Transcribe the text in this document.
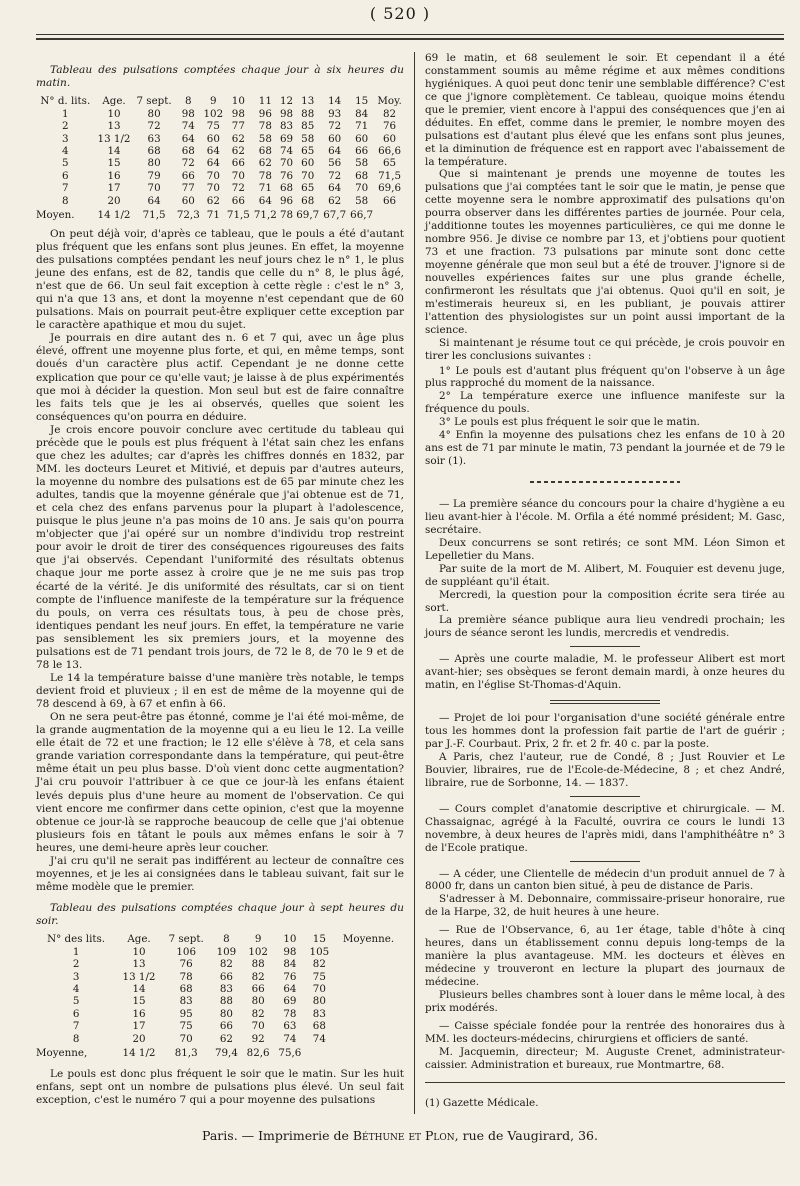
( 520 )

Tableau des pulsations comptées chaque jour à six heures du matin.

N° d. lits.	Age.	7 sept.	8	9	10	11	12	13	14	15	Moy.
1	10	80	98	102	98	96	98	88	93	84	82
2	13	72	74	75	77	78	83	85	72	71	76
3	13 1/2	63	64	60	62	58	69	58	60	60	60
4	14	68	68	64	62	68	74	65	64	66	66,6
5	15	80	72	64	66	62	70	60	56	58	65
6	16	79	66	70	70	78	76	70	72	68	71,5
7	17	70	77	70	72	71	68	65	64	70	69,6
8	20	64	60	62	66	64	96	68	62	58	66
Moyen.	14 1/2	71,5	72,3	71	71,5	71,2	78	69,7	67,7	66,7	

On peut déjà voir, d'après ce tableau, que le pouls a été d'autant plus fréquent que les enfans sont plus jeunes. En effet, la moyenne des pulsations comptées pendant les neuf jours chez le n° 1, le plus jeune des enfans, est de 82, tandis que celle du n° 8, le plus âgé, n'est que de 66. Un seul fait exception à cette règle : c'est le n° 3, qui n'a que 13 ans, et dont la moyenne n'est cependant que de 60 pulsations. Mais on pourrait peut-être expliquer cette exception par le caractère apathique et mou du sujet.

Je pourrais en dire autant des n. 6 et 7 qui, avec un âge plus élevé, offrent une moyenne plus forte, et qui, en même temps, sont doués d'un caractère plus actif. Cependant je ne donne cette explication que pour ce qu'elle vaut; je laisse à de plus expérimentés que moi à décider la question. Mon seul but est de faire connaître les faits tels que je les ai observés, quelles que soient les conséquences qu'on pourra en déduire.

Je crois encore pouvoir conclure avec certitude du tableau qui précède que le pouls est plus fréquent à l'état sain chez les enfans que chez les adultes; car d'après les chiffres donnés en 1832, par MM. les docteurs Leuret et Mitivié, et depuis par d'autres auteurs, la moyenne du nombre des pulsations est de 65 par minute chez les adultes, tandis que la moyenne générale que j'ai obtenue est de 71, et cela chez des enfans parvenus pour la plupart à l'adolescence, puisque le plus jeune n'a pas moins de 10 ans. Je sais qu'on pourra m'objecter que j'ai opéré sur un nombre d'individu trop restreint pour avoir le droit de tirer des conséquences rigoureuses des faits que j'ai observés. Cependant l'uniformité des résultats obtenus chaque jour me porte assez à croire que je ne me suis pas trop écarté de la vérité. Je dis uniformité des résultats, car si on tient compte de l'influence manifeste de la température sur la fréquence du pouls, on verra ces résultats tous, à peu de chose près, identiques pendant les neuf jours. En effet, la température ne varie pas sensiblement les six premiers jours, et la moyenne des pulsations est de 71 pendant trois jours, de 72 le 8, de 70 le 9 et de 78 le 13.

Le 14 la température baisse d'une manière très notable, le temps devient froid et pluvieux ; il en est de même de la moyenne qui de 78 descend à 69, à 67 et enfin à 66.

On ne sera peut-être pas étonné, comme je l'ai été moi-même, de la grande augmentation de la moyenne qui a eu lieu le 12. La veille elle était de 72 et une fraction; le 12 elle s'élève à 78, et cela sans grande variation correspondante dans la température, qui peut-être même était un peu plus basse. D'où vient donc cette augmentation? J'ai cru pouvoir l'attribuer à ce que ce jour-là les enfans étaient levés depuis plus d'une heure au moment de l'observation. Ce qui vient encore me confirmer dans cette opinion, c'est que la moyenne obtenue ce jour-là se rapproche beaucoup de celle que j'ai obtenue plusieurs fois en tâtant le pouls aux mêmes enfans le soir à 7 heures, une demi-heure après leur coucher.

J'ai cru qu'il ne serait pas indifférent au lecteur de connaître ces moyennes, et je les ai consignées dans le tableau suivant, fait sur le même modèle que le premier.

Tableau des pulsations comptées chaque jour à sept heures du soir.

N° des lits.	Age.	7 sept.	8	9	10	15	Moyenne.
1	10	106	109	102	98	105	
2	13	76	82	88	84	82	
3	13 1/2	78	66	82	76	75	
4	14	68	83	66	64	70	
5	15	83	88	80	69	80	
6	16	95	80	82	78	83	
7	17	75	66	70	63	68	
8	20	70	62	92	74	74	
Moyenne,	14 1/2	81,3	79,4	82,6	75,6		

Le pouls est donc plus fréquent le soir que le matin. Sur les huit enfans, sept ont un nombre de pulsations plus élevé. Un seul fait exception, c'est le numéro 7 qui a pour moyenne des pulsations

69 le matin, et 68 seulement le soir. Et cependant il a été constamment soumis au même régime et aux mêmes conditions hygiéniques. A quoi peut donc tenir une semblable différence? C'est ce que j'ignore complètement. Ce tableau, quoique moins étendu que le premier, vient encore à l'appui des conséquences que j'en ai déduites. En effet, comme dans le premier, le nombre moyen des pulsations est d'autant plus élevé que les enfans sont plus jeunes, et la diminution de fréquence est en rapport avec l'abaissement de la température.

Que si maintenant je prends une moyenne de toutes les pulsations que j'ai comptées tant le soir que le matin, je pense que cette moyenne sera le nombre approximatif des pulsations qu'on pourra observer dans les différentes parties de journée. Pour cela, j'additionne toutes les moyennes particulières, ce qui me donne le nombre 956. Je divise ce nombre par 13, et j'obtiens pour quotient 73 et une fraction. 73 pulsations par minute sont donc cette moyenne générale que mon seul but a été de trouver. J'ignore si de nouvelles expériences faites sur une plus grande échelle, confirmeront les résultats que j'ai obtenus. Quoi qu'il en soit, je m'estimerais heureux si, en les publiant, je pouvais attirer l'attention des physiologistes sur un point aussi important de la science.

Si maintenant je résume tout ce qui précède, je crois pouvoir en tirer les conclusions suivantes :

1° Le pouls est d'autant plus fréquent qu'on l'observe à un âge plus rapproché du moment de la naissance.

2° La température exerce une influence manifeste sur la fréquence du pouls.

3° Le pouls est plus fréquent le soir que le matin.

4° Enfin la moyenne des pulsations chez les enfans de 10 à 20 ans est de 71 par minute le matin, 73 pendant la journée et de 79 le soir (1).

— La première séance du concours pour la chaire d'hygiène a eu lieu avant-hier à l'école. M. Orfila a été nommé président; M. Gasc, secrétaire.

Deux concurrens se sont retirés; ce sont MM. Léon Simon et Lepelletier du Mans.

Par suite de la mort de M. Alibert, M. Fouquier est devenu juge, de suppléant qu'il était.

Mercredi, la question pour la composition écrite sera tirée au sort.

La première séance publique aura lieu vendredi prochain; les jours de séance seront les lundis, mercredis et vendredis.

— Après une courte maladie, M. le professeur Alibert est mort avant-hier; ses obsèques se feront demain mardi, à onze heures du matin, en l'église St-Thomas-d'Aquin.

— Projet de loi pour l'organisation d'une société générale entre tous les hommes dont la profession fait partie de l'art de guérir ; par J.-F. Courbaut. Prix, 2 fr. et 2 fr. 40 c. par la poste.

A Paris, chez l'auteur, rue de Condé, 8 ; Just Rouvier et Le Bouvier, libraires, rue de l'Ecole-de-Médecine, 8 ; et chez André, libraire, rue de Sorbonne, 14. — 1837.

— Cours complet d'anatomie descriptive et chirurgicale. — M. Chassaignac, agrégé à la Faculté, ouvrira ce cours le lundi 13 novembre, à deux heures de l'après midi, dans l'amphithéâtre n° 3 de l'Ecole pratique.

— A céder, une Clientelle de médecin d'un produit annuel de 7 à 8000 fr, dans un canton bien situé, à peu de distance de Paris.

S'adresser à M. Debonnaire, commissaire-priseur honoraire, rue de la Harpe, 32, de huit heures à une heure.

— Rue de l'Observance, 6, au 1er étage, table d'hôte à cinq heures, dans un établissement connu depuis long-temps de la manière la plus avantageuse. MM. les docteurs et élèves en médecine y trouveront en lecture la plupart des journaux de médecine.

Plusieurs belles chambres sont à louer dans le même local, à des prix modérés.

— Caisse spéciale fondée pour la rentrée des honoraires dus à MM. les docteurs-médecins, chirurgiens et officiers de santé.

M. Jacquemin, directeur; M. Auguste Crenet, administrateur-caissier. Administration et bureaux, rue Montmartre, 68.

(1) Gazette Médicale.

Paris. — Imprimerie de Béthune et Plon, rue de Vaugirard, 36.
